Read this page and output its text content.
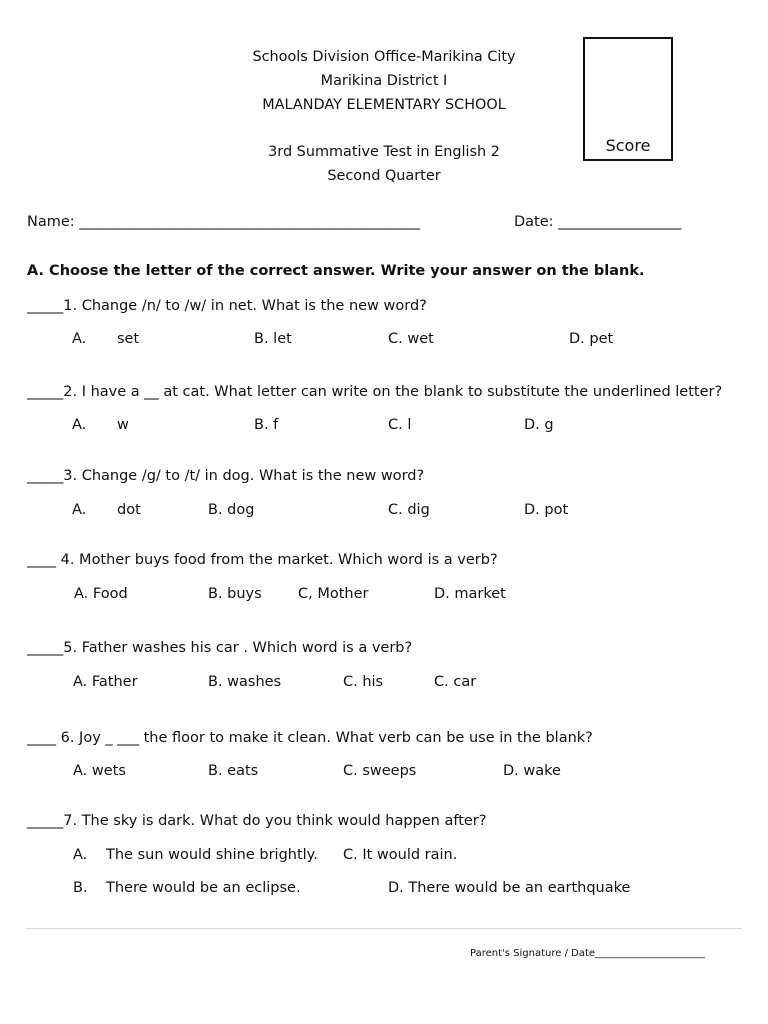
Schools Division Office-Marikina City
Marikina District I
MALANDAY ELEMENTARY SCHOOL
3rd Summative Test in English 2
Second Quarter
Score
Name: _______________________________________________	Date: _________________
A. Choose the letter of the correct answer. Write your answer on the blank.
_____1. Change /n/ to /w/ in net. What is the new word?
A. set	B. let	C. wet	D. pet
_____2. I have a __ at cat. What letter can write on the blank to substitute the underlined letter?
A. w	B. f	C. l	D. g
_____3. Change /g/ to /t/ in dog. What is the new word?
A. dot	B. dog	C. dig	D. pot
____ 4. Mother buys food from the market. Which word is a verb?
A. Food	B. buys	C, Mother	D. market
_____5. Father washes his car . Which word is a verb?
A. Father	B. washes	C. his	C. car
____ 6. Joy _ ___ the floor to make it clean. What verb can be use in the blank?
A. wets	B. eats	C. sweeps	D. wake
_____7. The sky is dark. What do you think would happen after?
A. The sun would shine brightly. C. It would rain.
B. There would be an eclipse.	D. There would be an earthquake
Parent's Signature / Date______________________
